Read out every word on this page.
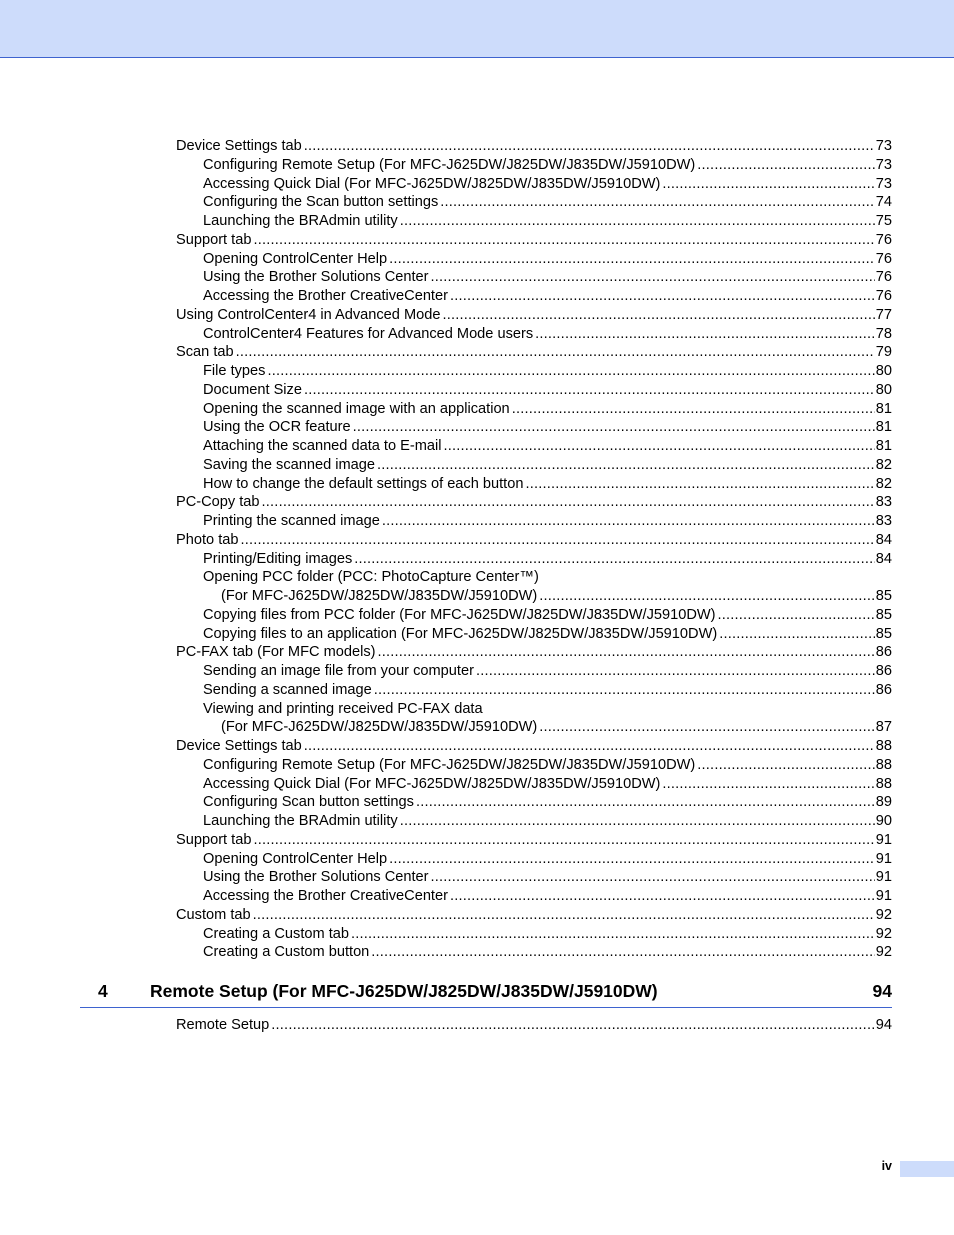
Device Settings tab .....	73
Configuring Remote Setup (For MFC-J625DW/J825DW/J835DW/J5910DW) .....	73
Accessing Quick Dial (For MFC-J625DW/J825DW/J835DW/J5910DW) .....	73
Configuring the Scan button settings .....	74
Launching the BRAdmin utility .....	75
Support tab .....	76
Opening ControlCenter Help .....	76
Using the Brother Solutions Center .....	76
Accessing the Brother CreativeCenter .....	76
Using ControlCenter4 in Advanced Mode .....	77
ControlCenter4 Features for Advanced Mode users .....	78
Scan tab .....	79
File types .....	80
Document Size .....	80
Opening the scanned image with an application .....	81
Using the OCR feature .....	81
Attaching the scanned data to E-mail .....	81
Saving the scanned image .....	82
How to change the default settings of each button .....	82
PC-Copy tab .....	83
Printing the scanned image .....	83
Photo tab .....	84
Printing/Editing images .....	84
Opening PCC folder (PCC: PhotoCapture Center™)
(For MFC-J625DW/J825DW/J835DW/J5910DW) .....	85
Copying files from PCC folder (For MFC-J625DW/J825DW/J835DW/J5910DW) .....	85
Copying files to an application (For MFC-J625DW/J825DW/J835DW/J5910DW) .....	85
PC-FAX tab (For MFC models) .....	86
Sending an image file from your computer .....	86
Sending a scanned image .....	86
Viewing and printing received PC-FAX data
(For MFC-J625DW/J825DW/J835DW/J5910DW) .....	87
Device Settings tab .....	88
Configuring Remote Setup (For MFC-J625DW/J825DW/J835DW/J5910DW) .....	88
Accessing Quick Dial (For MFC-J625DW/J825DW/J835DW/J5910DW) .....	88
Configuring Scan button settings .....	89
Launching the BRAdmin utility .....	90
Support tab .....	91
Opening ControlCenter Help .....	91
Using the Brother Solutions Center .....	91
Accessing the Brother CreativeCenter .....	91
Custom tab .....	92
Creating a Custom tab .....	92
Creating a Custom button .....	92
4	Remote Setup (For MFC-J625DW/J825DW/J835DW/J5910DW)	94
Remote Setup .....	94
iv
